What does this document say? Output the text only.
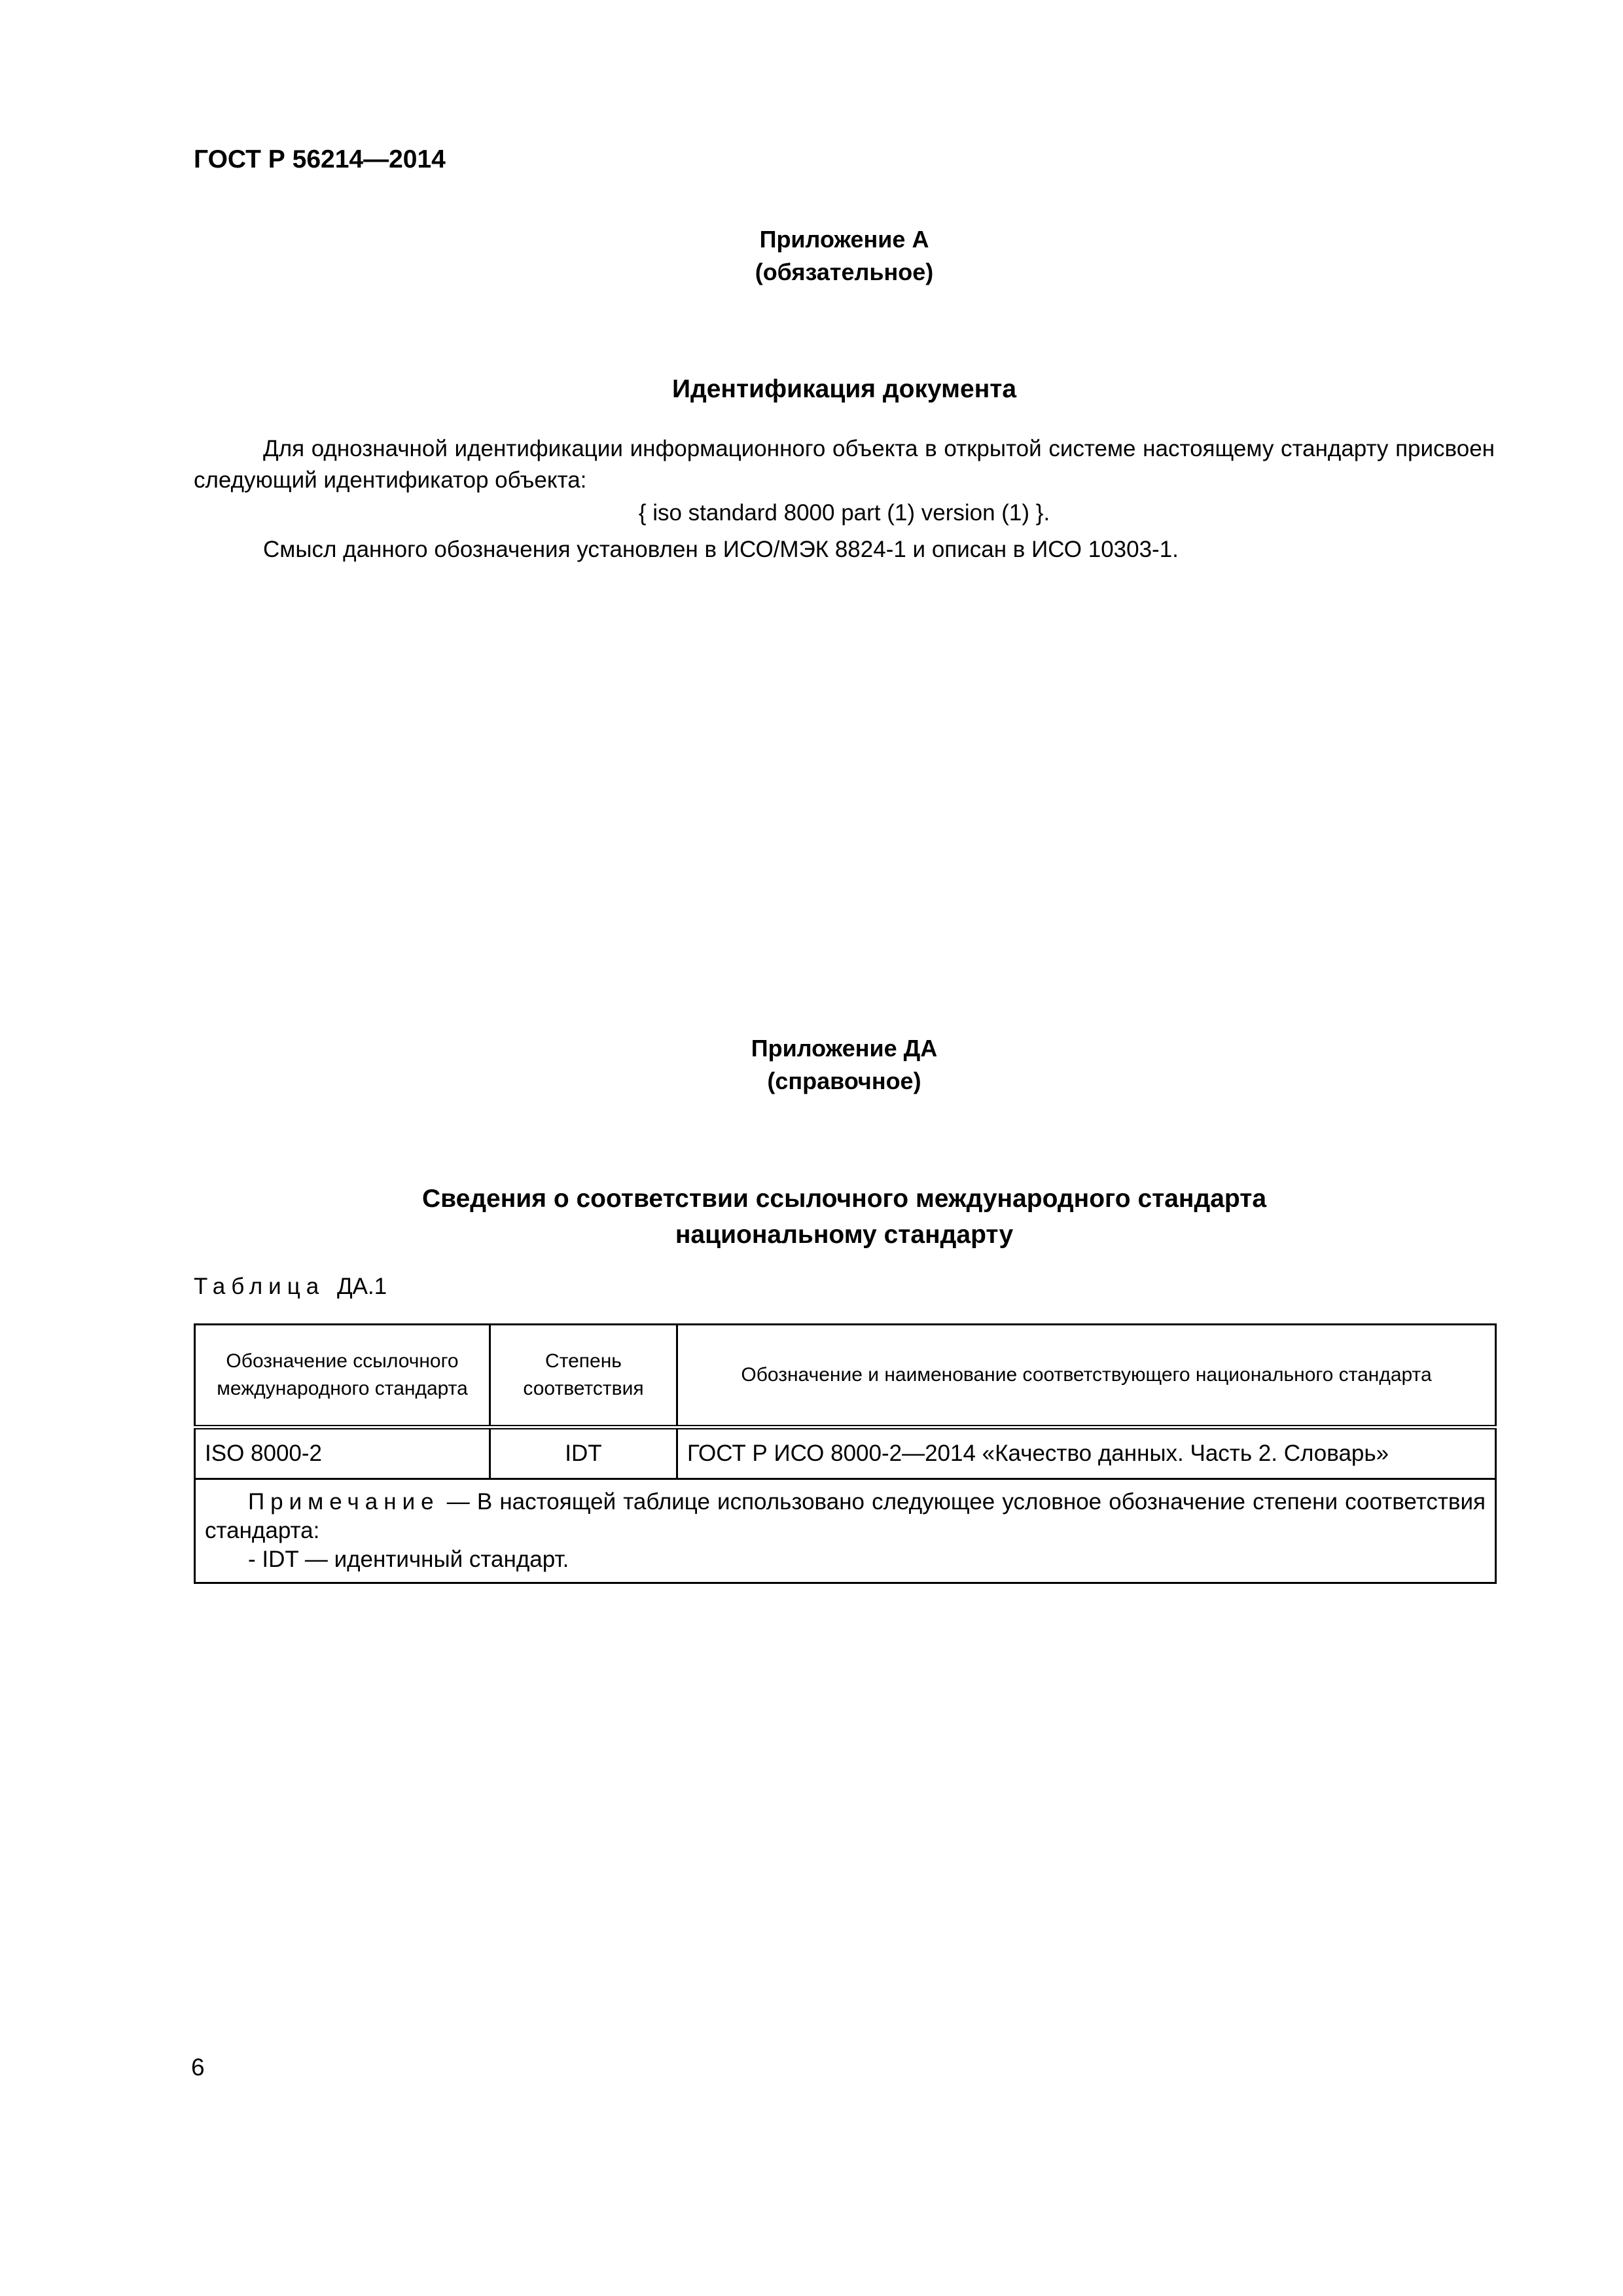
ГОСТ Р 56214—2014
Приложение А
(обязательное)
Идентификация документа
Для однозначной идентификации информационного объекта в открытой системе настоящему стандарту присвоен следующий идентификатор объекта:
{ iso standard 8000 part (1) version (1) }.
Смысл данного обозначения установлен в ИСО/МЭК 8824-1 и описан в ИСО 10303-1.
Приложение ДА
(справочное)
Сведения о соответствии ссылочного международного стандарта
национальному стандарту
Таблица ДА.1
Обозначение ссылочного международного стандарта	Степень соответствия	Обозначение и наименование соответствующего национального стандарта
ISO 8000-2	IDT	ГОСТ Р ИСО 8000-2—2014 «Качество данных. Часть 2. Словарь»

Примечание — В настоящей таблице использовано следующее условное обозначение степени соответствия стандарта:
- IDT — идентичный стандарт.		
6
